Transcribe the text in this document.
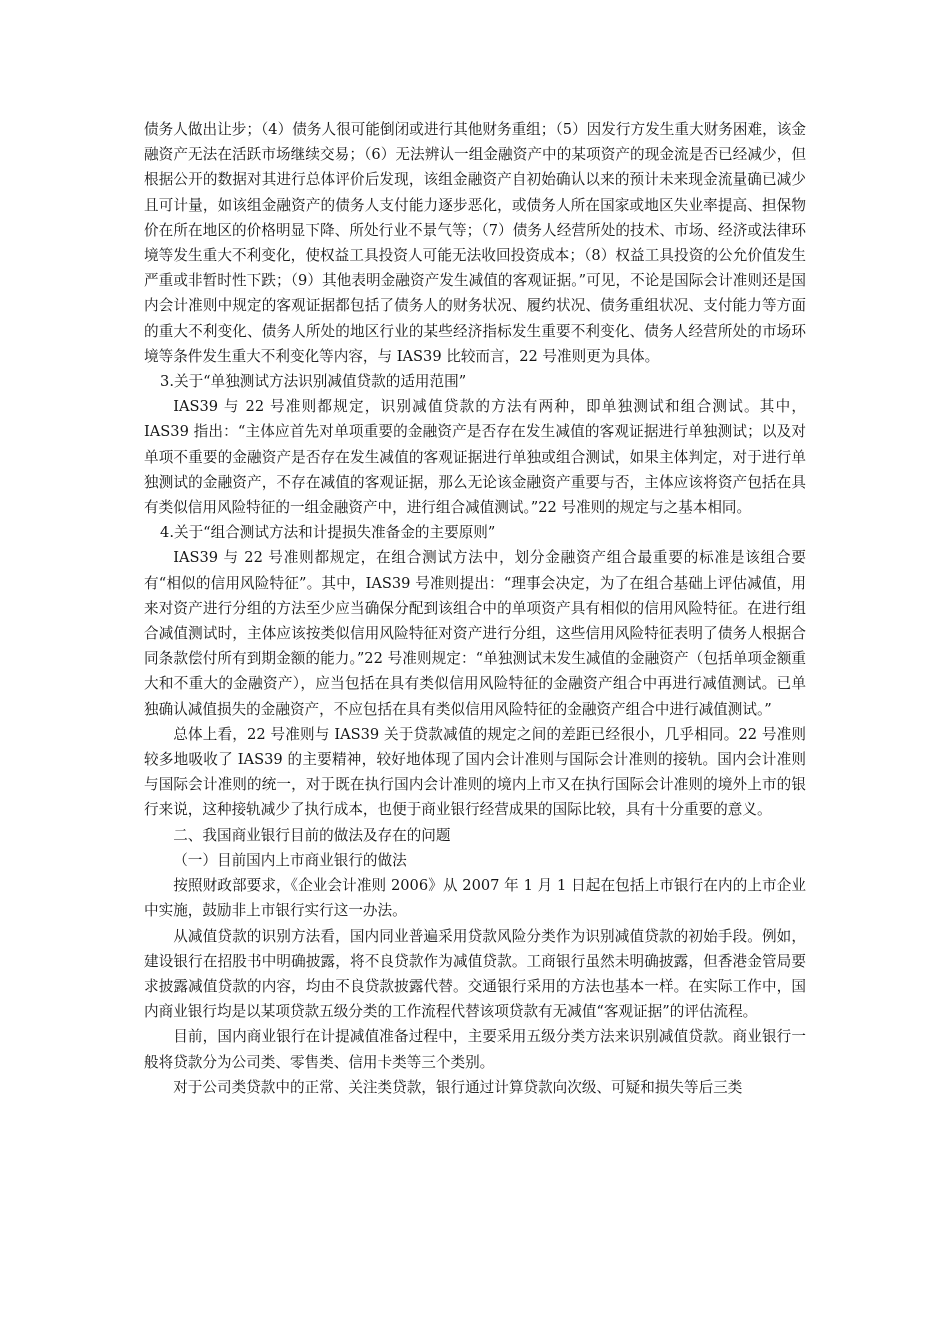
债务人做出让步；（4）债务人很可能倒闭或进行其他财务重组；（5）因发行方发生重大财务困难，该金融资产无法在活跃市场继续交易；（6）无法辨认一组金融资产中的某项资产的现金流是否已经减少，但根据公开的数据对其进行总体评价后发现，该组金融资产自初始确认以来的预计未来现金流量确已减少且可计量，如该组金融资产的债务人支付能力逐步恶化，或债务人所在国家或地区失业率提高、担保物价在所在地区的价格明显下降、所处行业不景气等；（7）债务人经营所处的技术、市场、经济或法律环境等发生重大不利变化，使权益工具投资人可能无法收回投资成本；（8）权益工具投资的公允价值发生严重或非暂时性下跌；（9）其他表明金融资产发生减值的客观证据。”可见，不论是国际会计准则还是国内会计准则中规定的客观证据都包括了债务人的财务状况、履约状况、债务重组状况、支付能力等方面的重大不利变化、债务人所处的地区行业的某些经济指标发生重要不利变化、债务人经营所处的市场环境等条件发生重大不利变化等内容，与 IAS39 比较而言，22 号准则更为具体。

3.关于“单独测试方法识别减值贷款的适用范围”

IAS39 与 22 号准则都规定，识别减值贷款的方法有两种，即单独测试和组合测试。其中，IAS39 指出：“主体应首先对单项重要的金融资产是否存在发生减值的客观证据进行单独测试；以及对单项不重要的金融资产是否存在发生减值的客观证据进行单独或组合测试，如果主体判定，对于进行单独测试的金融资产，不存在减值的客观证据，那么无论该金融资产重要与否，主体应该将资产包括在具有类似信用风险特征的一组金融资产中，进行组合减值测试。”22 号准则的规定与之基本相同。

4.关于“组合测试方法和计提损失准备金的主要原则”

IAS39 与 22 号准则都规定，在组合测试方法中，划分金融资产组合最重要的标准是该组合要有“相似的信用风险特征”。其中，IAS39 号准则提出：“理事会决定，为了在组合基础上评估减值，用来对资产进行分组的方法至少应当确保分配到该组合中的单项资产具有相似的信用风险特征。在进行组合减值测试时，主体应该按类似信用风险特征对资产进行分组，这些信用风险特征表明了债务人根据合同条款偿付所有到期金额的能力。”22 号准则规定：“单独测试未发生减值的金融资产（包括单项金额重大和不重大的金融资产），应当包括在具有类似信用风险特征的金融资产组合中再进行减值测试。已单独确认减值损失的金融资产，不应包括在具有类似信用风险特征的金融资产组合中进行减值测试。”

总体上看，22 号准则与 IAS39 关于贷款减值的规定之间的差距已经很小，几乎相同。22 号准则较多地吸收了 IAS39 的主要精神，较好地体现了国内会计准则与国际会计准则的接轨。国内会计准则与国际会计准则的统一，对于既在执行国内会计准则的境内上市又在执行国际会计准则的境外上市的银行来说，这种接轨减少了执行成本，也便于商业银行经营成果的国际比较，具有十分重要的意义。

二、我国商业银行目前的做法及存在的问题

（一）目前国内上市商业银行的做法

按照财政部要求，《企业会计准则 2006》从 2007 年 1 月 1 日起在包括上市银行在内的上市企业中实施，鼓励非上市银行实行这一办法。

从减值贷款的识别方法看，国内同业普遍采用贷款风险分类作为识别减值贷款的初始手段。例如，建设银行在招股书中明确披露，将不良贷款作为减值贷款。工商银行虽然未明确披露，但香港金管局要求披露减值贷款的内容，均由不良贷款披露代替。交通银行采用的方法也基本一样。在实际工作中，国内商业银行均是以某项贷款五级分类的工作流程代替该项贷款有无减值“客观证据”的评估流程。

目前，国内商业银行在计提减值准备过程中，主要采用五级分类方法来识别减值贷款。商业银行一般将贷款分为公司类、零售类、信用卡类等三个类别。

对于公司类贷款中的正常、关注类贷款，银行通过计算贷款向次级、可疑和损失等后三类
